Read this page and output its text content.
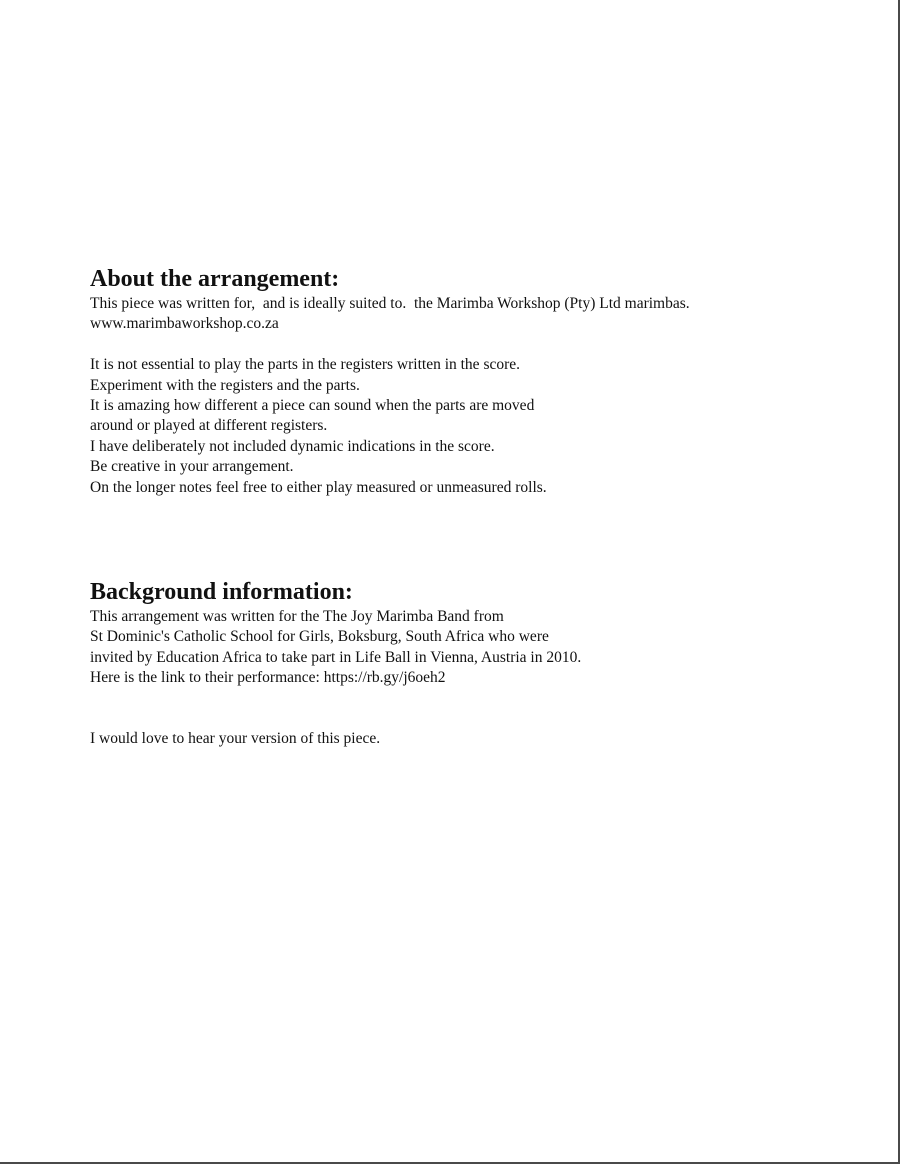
About the arrangement:

This piece was written for,  and is ideally suited to.  the Marimba Workshop (Pty) Ltd marimbas.

www.marimbaworkshop.co.za

It is not essential to play the parts in the registers written in the score.

Experiment with the registers and the parts.

It is amazing how different a piece can sound when the parts are moved

around or played at different registers.

I have deliberately not included dynamic indications in the score.

Be creative in your arrangement.

On the longer notes feel free to either play measured or unmeasured rolls.

Background information:

This arrangement was written for the The Joy Marimba Band from

St Dominic's Catholic School for Girls, Boksburg, South Africa who were

invited by Education Africa to take part in Life Ball in Vienna, Austria in 2010.

Here is the link to their performance: https://rb.gy/j6oeh2

I would love to hear your version of this piece.
